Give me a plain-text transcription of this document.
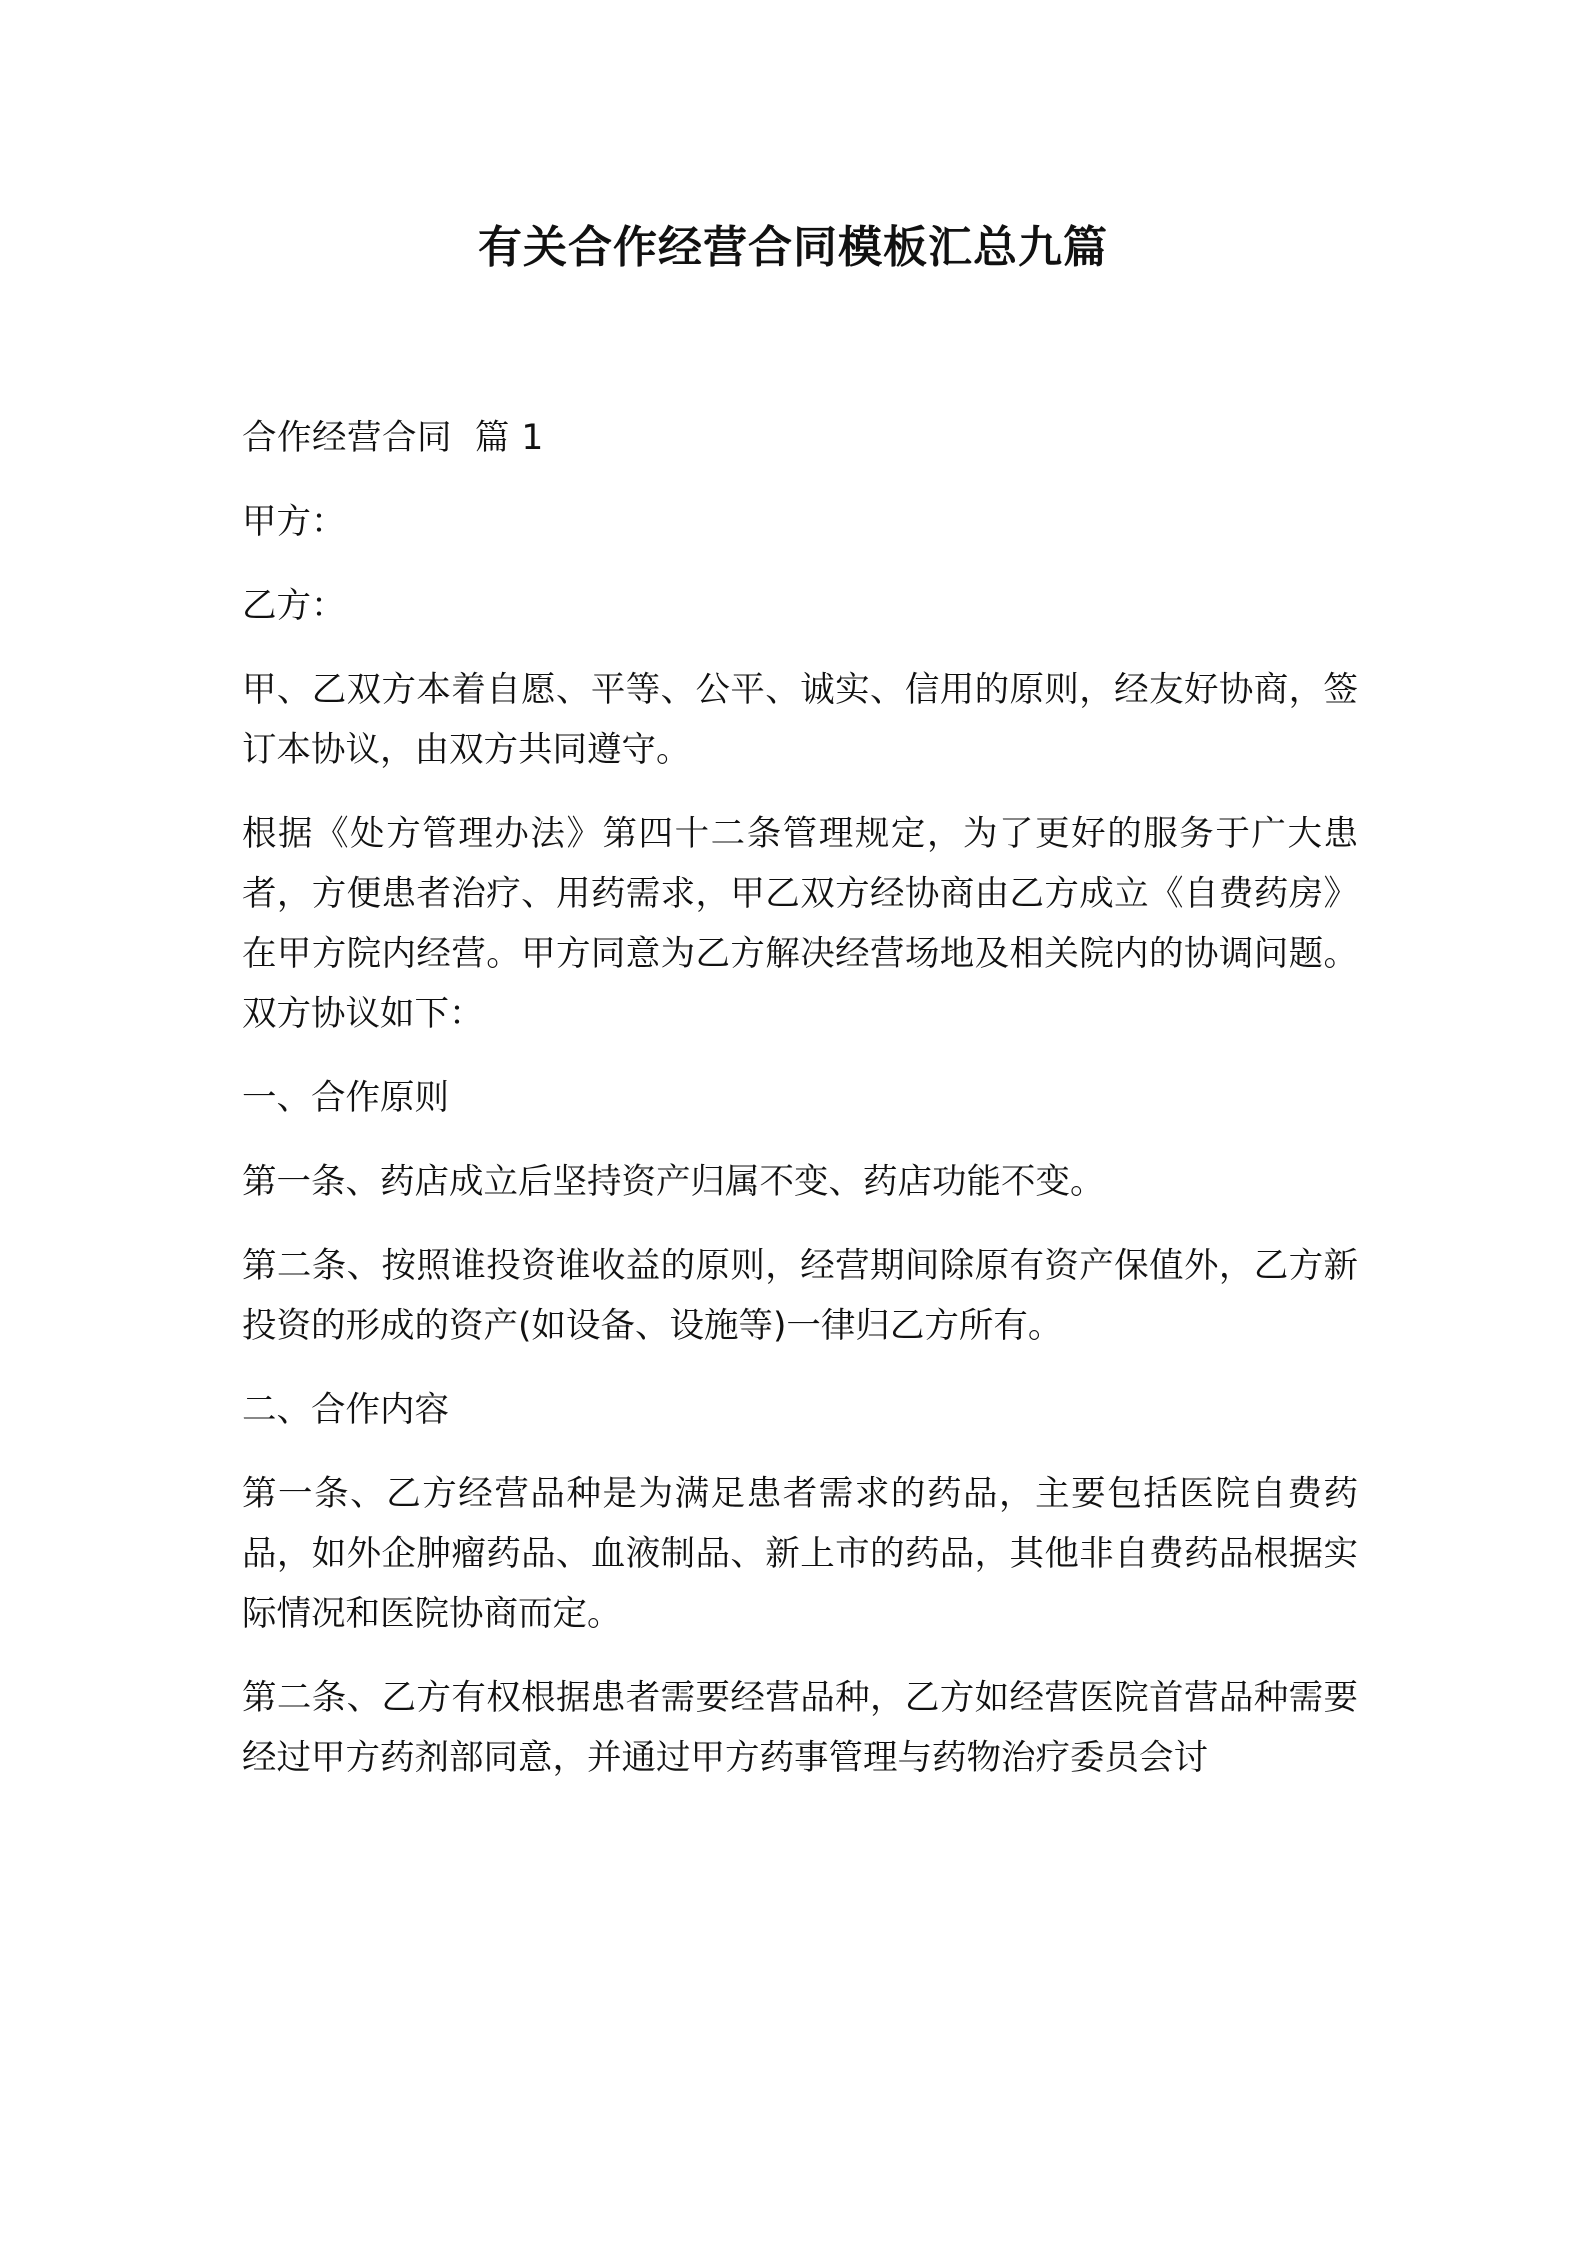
有关合作经营合同模板汇总九篇

合作经营合同  篇 1

甲方：

乙方：

甲、乙双方本着自愿、平等、公平、诚实、信用的原则，经友好协商，签订本协议，由双方共同遵守。

根据《处方管理办法》第四十二条管理规定，为了更好的服务于广大患者，方便患者治疗、用药需求，甲乙双方经协商由乙方成立《自费药房》在甲方院内经营。甲方同意为乙方解决经营场地及相关院内的协调问题。双方协议如下：

一、合作原则

第一条、药店成立后坚持资产归属不变、药店功能不变。

第二条、按照谁投资谁收益的原则，经营期间除原有资产保值外，乙方新投资的形成的资产(如设备、设施等)一律归乙方所有。

二、合作内容

第一条、乙方经营品种是为满足患者需求的药品，主要包括医院自费药品，如外企肿瘤药品、血液制品、新上市的药品，其他非自费药品根据实际情况和医院协商而定。

第二条、乙方有权根据患者需要经营品种，乙方如经营医院首营品种需要经过甲方药剂部同意，并通过甲方药事管理与药物治疗委员会讨
